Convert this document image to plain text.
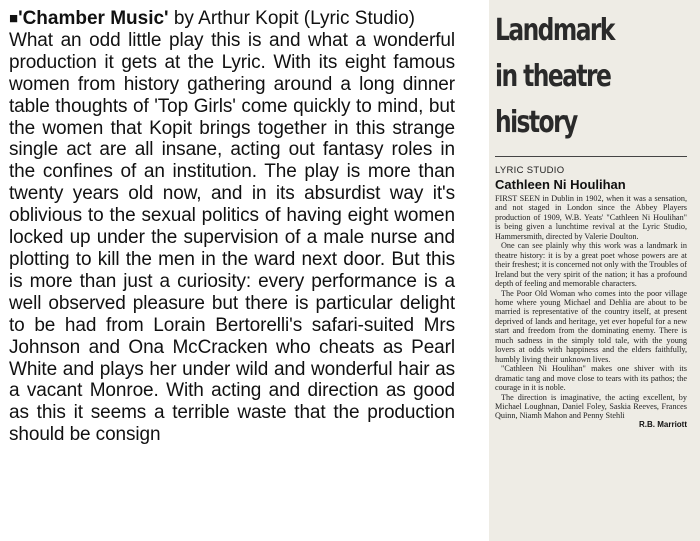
■'Chamber Music' by Arthur Kopit (Lyric Studio)

What an odd little play this is and what a wonderful production it gets at the Lyric. With its eight famous women from history gathering around a long dinner table thoughts of 'Top Girls' come quickly to mind, but the women that Kopit brings together in this strange single act are all insane, acting out fantasy roles in the confines of an institution. The play is more than twenty years old now, and in its absurdist way it's oblivious to the sexual politics of having eight women locked up under the supervision of a male nurse and plotting to kill the men in the ward next door. But this is more than just a curiosity: every performance is a well observed pleasure but there is particular delight to be had from Lorain Bertorelli's safari-suited Mrs Johnson and Ona McCracken who cheats as Pearl White and plays her under wild and wonderful hair as a vacant Monroe. With acting and direction as good as this it seems a terrible waste that the production should be consign

Landmark
in theatre
history

LYRIC STUDIO

Cathleen Ni Houlihan

FIRST SEEN in Dublin in 1902, when it was a sensation, and not staged in London since the Abbey Players production of 1909, W.B. Yeats' "Cathleen Ni Houlihan" is being given a lunchtime revival at the Lyric Studio, Hammersmith, directed by Valerie Doulton.

One can see plainly why this work was a landmark in theatre history: it is by a great poet whose powers are at their freshest; it is concerned not only with the Troubles of Ireland but the very spirit of the nation; it has a profound depth of feeling and memorable characters.

The Poor Old Woman who comes into the poor village home where young Michael and Dehlia are about to be married is representative of the country itself, at present deprived of lands and heritage, yet ever hopeful for a new start and freedom from the dominating enemy. There is much sadness in the simply told tale, with the young lovers at odds with happiness and the elders faithfully, humbly living their unknown lives.

"Cathleen Ni Houlihan" makes one shiver with its dramatic tang and move close to tears with its pathos; the courage in it is noble.

The direction is imaginative, the acting excellent, by Michael Loughnan, Daniel Foley, Saskia Reeves, Frances Quinn, Niamh Mahon and Penny Stehli

R.B. Marriott
